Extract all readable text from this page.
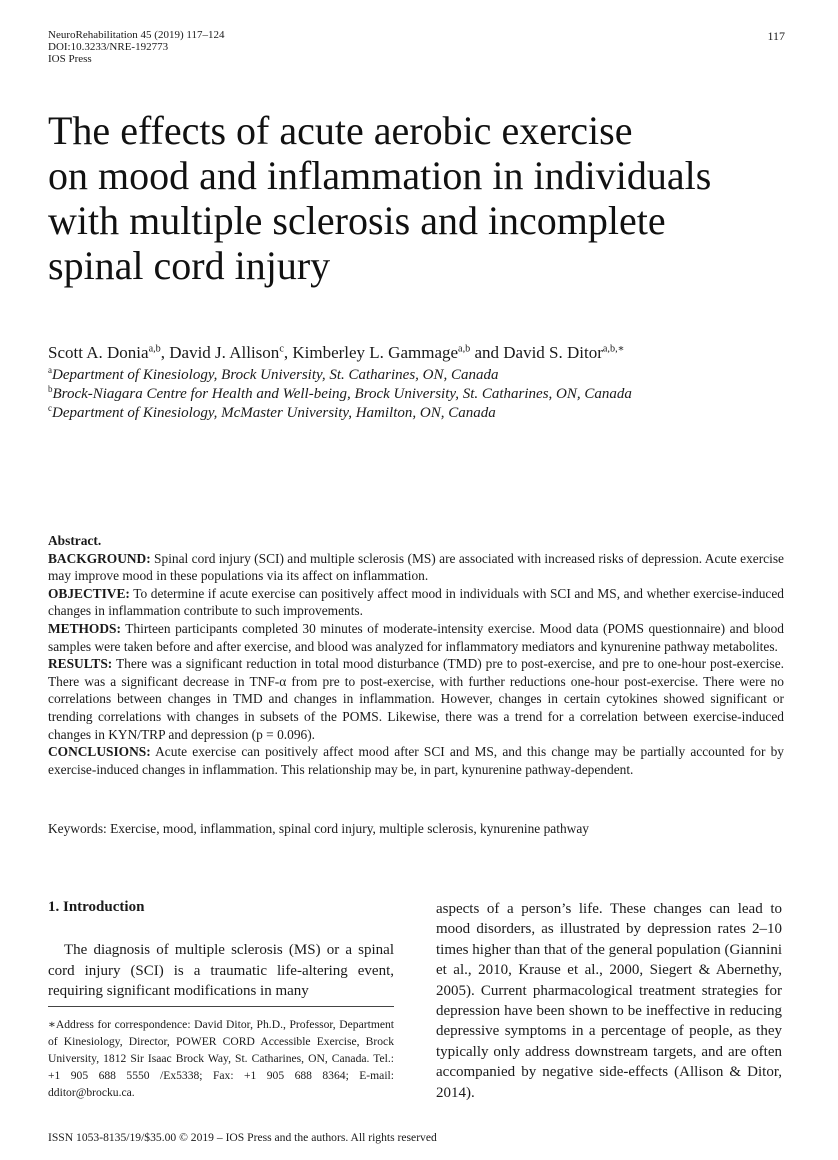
NeuroRehabilitation 45 (2019) 117–124
DOI:10.3233/NRE-192773
IOS Press
117
The effects of acute aerobic exercise
on mood and inflammation in individuals
with multiple sclerosis and incomplete
spinal cord injury
Scott A. Donia$^{a,b}$, David J. Allison$^c$, Kimberley L. Gammage$^{a,b}$ and David S. Ditor$^{a,b,∗}$
$^a$Department of Kinesiology, Brock University, St. Catharines, ON, Canada
$^b$Brock-Niagara Centre for Health and Well-being, Brock University, St. Catharines, ON, Canada
$^c$Department of Kinesiology, McMaster University, Hamilton, ON, Canada

Abstract.

BACKGROUND: Spinal cord injury (SCI) and multiple sclerosis (MS) are associated with increased risks of depression. Acute exercise may improve mood in these populations via its affect on inflammation.

OBJECTIVE: To determine if acute exercise can positively affect mood in individuals with SCI and MS, and whether exercise-induced changes in inflammation contribute to such improvements.

METHODS: Thirteen participants completed 30 minutes of moderate-intensity exercise. Mood data (POMS questionnaire) and blood samples were taken before and after exercise, and blood was analyzed for inflammatory mediators and kynurenine pathway metabolites.

RESULTS: There was a significant reduction in total mood disturbance (TMD) pre to post-exercise, and pre to one-hour post-exercise. There was a significant decrease in TNF-α from pre to post-exercise, with further reductions one-hour post-exercise. There were no correlations between changes in TMD and changes in inflammation. However, changes in certain cytokines showed significant or trending correlations with changes in subsets of the POMS. Likewise, there was a trend for a correlation between exercise-induced changes in KYN/TRP and depression (p = 0.096).

CONCLUSIONS: Acute exercise can positively affect mood after SCI and MS, and this change may be partially accounted for by exercise-induced changes in inflammation. This relationship may be, in part, kynurenine pathway-dependent.

Keywords: Exercise, mood, inflammation, spinal cord injury, multiple sclerosis, kynurenine pathway
1. Introduction
The diagnosis of multiple sclerosis (MS) or a spinal cord injury (SCI) is a traumatic life-altering event, requiring significant modifications in many
∗Address for correspondence: David Ditor, Ph.D., Professor, Department of Kinesiology, Director, POWER CORD Accessible Exercise, Brock University, 1812 Sir Isaac Brock Way, St. Catharines, ON, Canada. Tel.: +1 905 688 5550 /Ex5338; Fax: +1 905 688 8364; E-mail: dditor@brocku.ca.
aspects of a person’s life. These changes can lead to mood disorders, as illustrated by depression rates 2–10 times higher than that of the general population (Giannini et al., 2010, Krause et al., 2000, Siegert & Abernethy, 2005). Current pharmacological treatment strategies for depression have been shown to be ineffective in reducing depressive symptoms in a percentage of people, as they typically only address downstream targets, and are often accompanied by negative side-effects (Allison & Ditor, 2014).
ISSN 1053-8135/19/$35.00 © 2019 – IOS Press and the authors. All rights reserved
